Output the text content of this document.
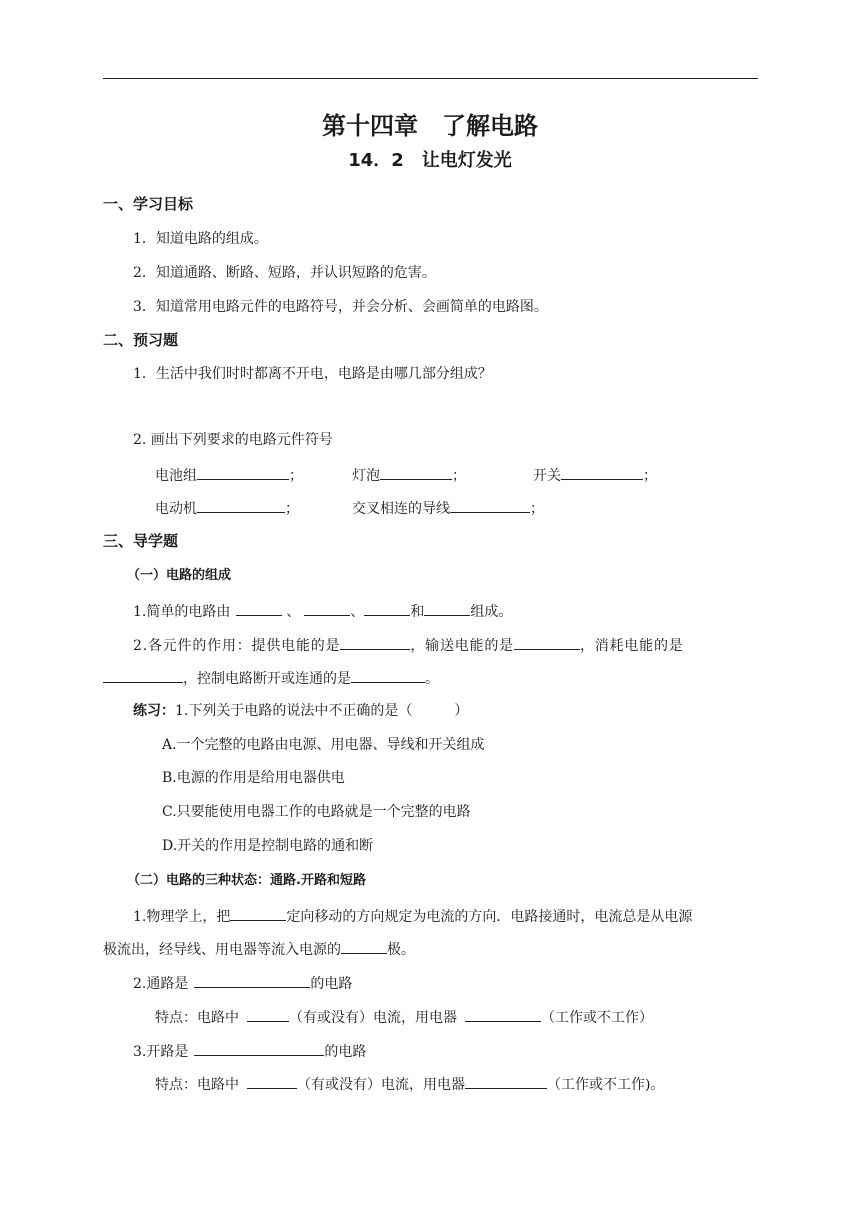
第十四章　了解电路
14．2　让电灯发光
一、学习目标
1．知道电路的组成。
2．知道通路、断路、短路，并认识短路的危害。
3．知道常用电路元件的电路符号，并会分析、会画简单的电路图。
二、预习题
1．生活中我们时时都离不开电，电路是由哪几部分组成？
2. 画出下列要求的电路元件符号
电池组	；	灯泡	；	开关	；
电动机	；	交叉相连的导线	；
三、导学题
（一）电路的组成
1.简单的电路由	、	、	和	组成。
2.各元件的作用：提供电能的是	，输送电能的是	，消耗电能的是
，控制电路断开或连通的是	。
练习：1.下列关于电路的说法中不正确的是（　　　）
A.一个完整的电路由电源、用电器、导线和开关组成
B.电源的作用是给用电器供电
C.只要能使用电器工作的电路就是一个完整的电路
D.开关的作用是控制电路的通和断
（二）电路的三种状态：通路.开路和短路
1.物理学上，把	定向移动的方向规定为电流的方向．电路接通时，电流总是从电源
极流出，经导线、用电器等流入电源的	极。
2.通路是	的电路
特点：电路中	（有或没有）电流，用电器	（工作或不工作）
3.开路是	的电路
特点：电路中	（有或没有）电流，用电器	（工作或不工作)。
